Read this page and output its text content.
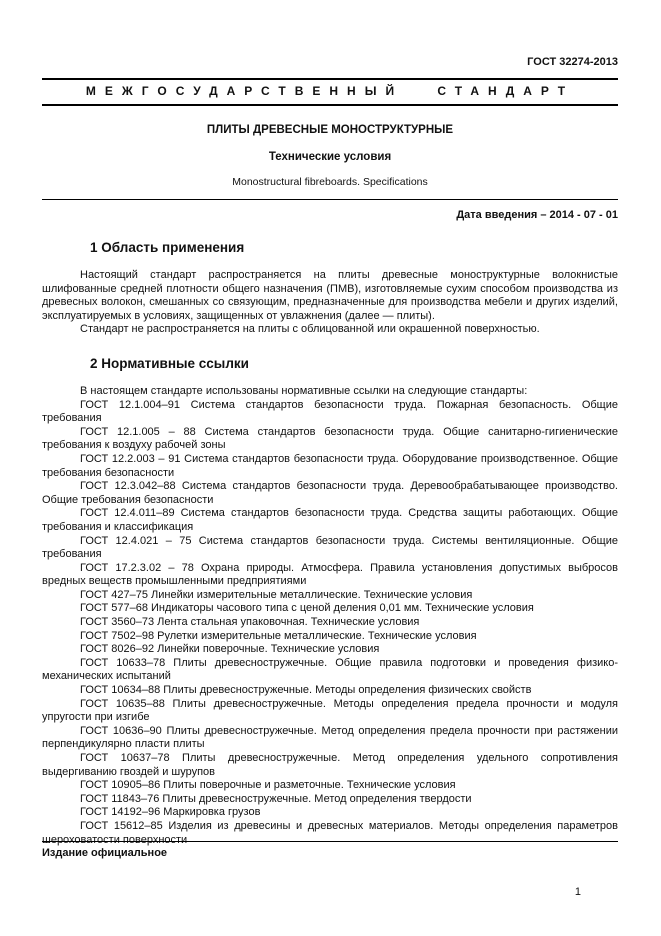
ГОСТ 32274-2013
МЕЖГОСУДАРСТВЕННЫЙ СТАНДАРТ
ПЛИТЫ ДРЕВЕСНЫЕ МОНОСТРУКТУРНЫЕ
Технические условия
Monostructural fibreboards. Specifications
Дата введения – 2014 - 07 - 01
1 Область применения

Настоящий стандарт распространяется на плиты древесные моноструктурные волокнистые шлифованные средней плотности общего назначения (ПМВ), изготовляемые сухим способом производства из древесных волокон, смешанных со связующим, предназначенные для производства мебели и других изделий, эксплуатируемых в условиях, защищенных от увлажнения (далее — плиты).

Стандарт не распространяется на плиты с облицованной или окрашенной поверхностью.

2 Нормативные ссылки

В настоящем стандарте использованы нормативные ссылки на следующие стандарты:

ГОСТ 12.1.004–91 Система стандартов безопасности труда. Пожарная безопасность. Общие требования

ГОСТ 12.1.005 – 88 Система стандартов безопасности труда. Общие санитарно-гигиенические требования к воздуху рабочей зоны

ГОСТ 12.2.003 – 91 Система стандартов безопасности труда. Оборудование производственное. Общие требования безопасности

ГОСТ 12.3.042–88 Система стандартов безопасности труда. Деревообрабатывающее производство. Общие требования безопасности

ГОСТ 12.4.011–89 Система стандартов безопасности труда. Средства защиты работающих. Общие требования и классификация

ГОСТ 12.4.021 – 75 Система стандартов безопасности труда. Системы вентиляционные. Общие требования

ГОСТ 17.2.3.02 – 78 Охрана природы. Атмосфера. Правила установления допустимых выбросов вредных веществ промышленными предприятиями

ГОСТ 427–75 Линейки измерительные металлические. Технические условия

ГОСТ 577–68 Индикаторы часового типа с ценой деления 0,01 мм. Технические условия

ГОСТ 3560–73 Лента стальная упаковочная. Технические условия

ГОСТ 7502–98 Рулетки измерительные металлические. Технические условия

ГОСТ 8026–92 Линейки поверочные. Технические условия

ГОСТ 10633–78 Плиты древесностружечные. Общие правила подготовки и проведения физико-механических испытаний

ГОСТ 10634–88 Плиты древесностружечные. Методы определения физических свойств

ГОСТ 10635–88 Плиты древесностружечные. Методы определения предела прочности и модуля упругости при изгибе

ГОСТ 10636–90 Плиты древесностружечные. Метод определения предела прочности при растяжении перпендикулярно пласти плиты

ГОСТ 10637–78 Плиты древесностружечные. Метод определения удельного сопротивления выдергиванию гвоздей и шурупов

ГОСТ 10905–86 Плиты поверочные и разметочные. Технические условия

ГОСТ 11843–76 Плиты древесностружечные. Метод определения твердости

ГОСТ 14192–96 Маркировка грузов

ГОСТ 15612–85 Изделия из древесины и древесных материалов. Методы определения параметров шероховатости поверхности

Издание официальное
1
